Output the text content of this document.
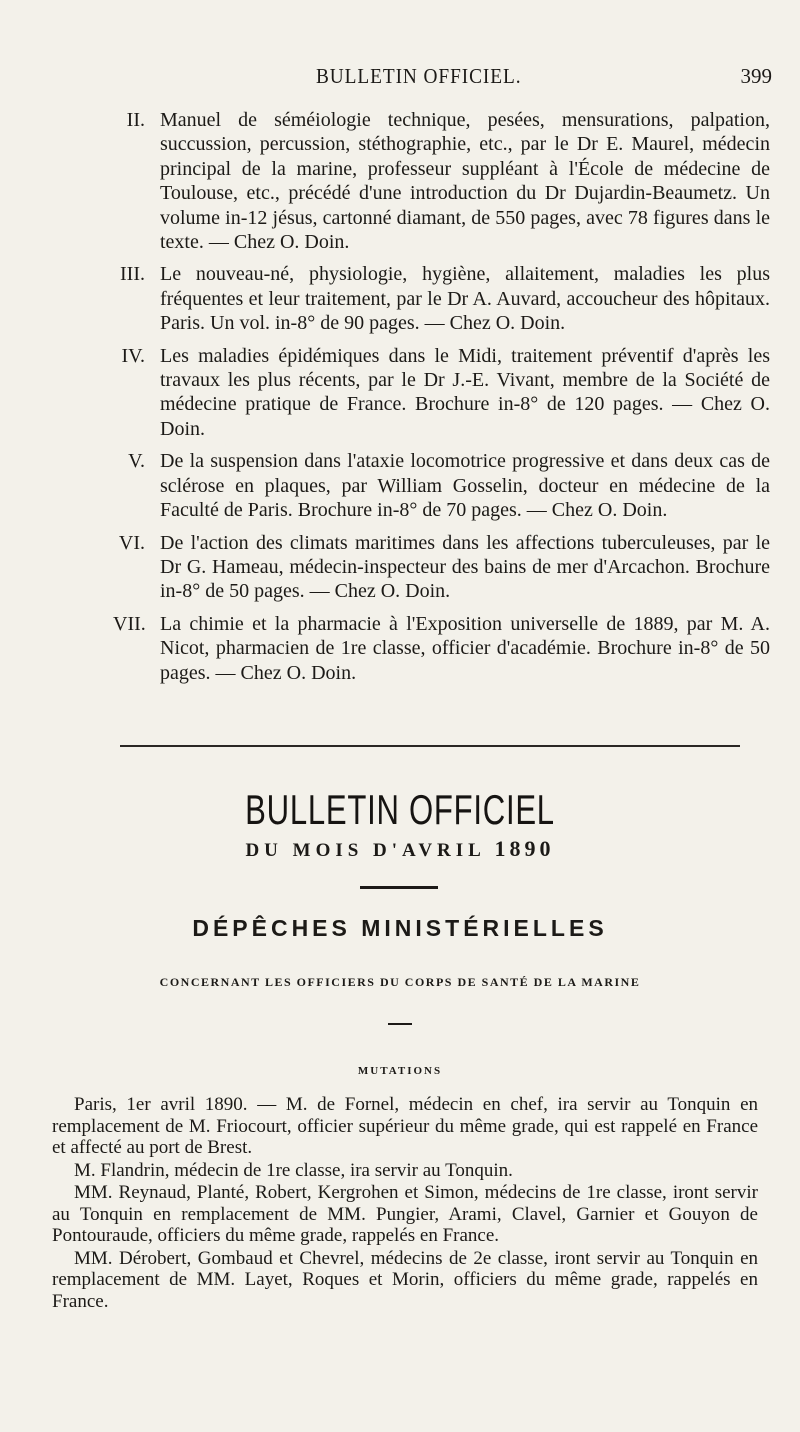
BULLETIN OFFICIEL.	399
II. Manuel de séméiologie technique, pesées, mensurations, palpation, succussion, percussion, stéthographie, etc., par le Dr E. Maurel, médecin principal de la marine, professeur suppléant à l'École de médecine de Toulouse, etc., précédé d'une introduction du Dr Dujardin-Beaumetz. Un volume in-12 jésus, cartonné diamant, de 550 pages, avec 78 figures dans le texte. — Chez O. Doin.
III. Le nouveau-né, physiologie, hygiène, allaitement, maladies les plus fréquentes et leur traitement, par le Dr A. Auvard, accoucheur des hôpitaux. Paris. Un vol. in-8° de 90 pages. — Chez O. Doin.
IV. Les maladies épidémiques dans le Midi, traitement préventif d'après les travaux les plus récents, par le Dr J.-E. Vivant, membre de la Société de médecine pratique de France. Brochure in-8° de 120 pages. — Chez O. Doin.
V. De la suspension dans l'ataxie locomotrice progressive et dans deux cas de sclérose en plaques, par William Gosselin, docteur en médecine de la Faculté de Paris. Brochure in-8° de 70 pages. — Chez O. Doin.
VI. De l'action des climats maritimes dans les affections tuberculeuses, par le Dr G. Hameau, médecin-inspecteur des bains de mer d'Arcachon. Brochure in-8° de 50 pages. — Chez O. Doin.
VII. La chimie et la pharmacie à l'Exposition universelle de 1889, par M. A. Nicot, pharmacien de 1re classe, officier d'académie. Brochure in-8° de 50 pages. — Chez O. Doin.
BULLETIN OFFICIEL
DU MOIS D'AVRIL 1890
DÉPÊCHES MINISTÉRIELLES
CONCERNANT LES OFFICIERS DU CORPS DE SANTÉ DE LA MARINE
MUTATIONS

Paris, 1er avril 1890. — M. de Fornel, médecin en chef, ira servir au Tonquin en remplacement de M. Friocourt, officier supérieur du même grade, qui est rappelé en France et affecté au port de Brest.

M. Flandrin, médecin de 1re classe, ira servir au Tonquin.

MM. Reynaud, Planté, Robert, Kergrohen et Simon, médecins de 1re classe, iront servir au Tonquin en remplacement de MM. Pungier, Arami, Clavel, Garnier et Gouyon de Pontouraude, officiers du même grade, rappelés en France.

MM. Dérobert, Gombaud et Chevrel, médecins de 2e classe, iront servir au Tonquin en remplacement de MM. Layet, Roques et Morin, officiers du même grade, rappelés en France.
